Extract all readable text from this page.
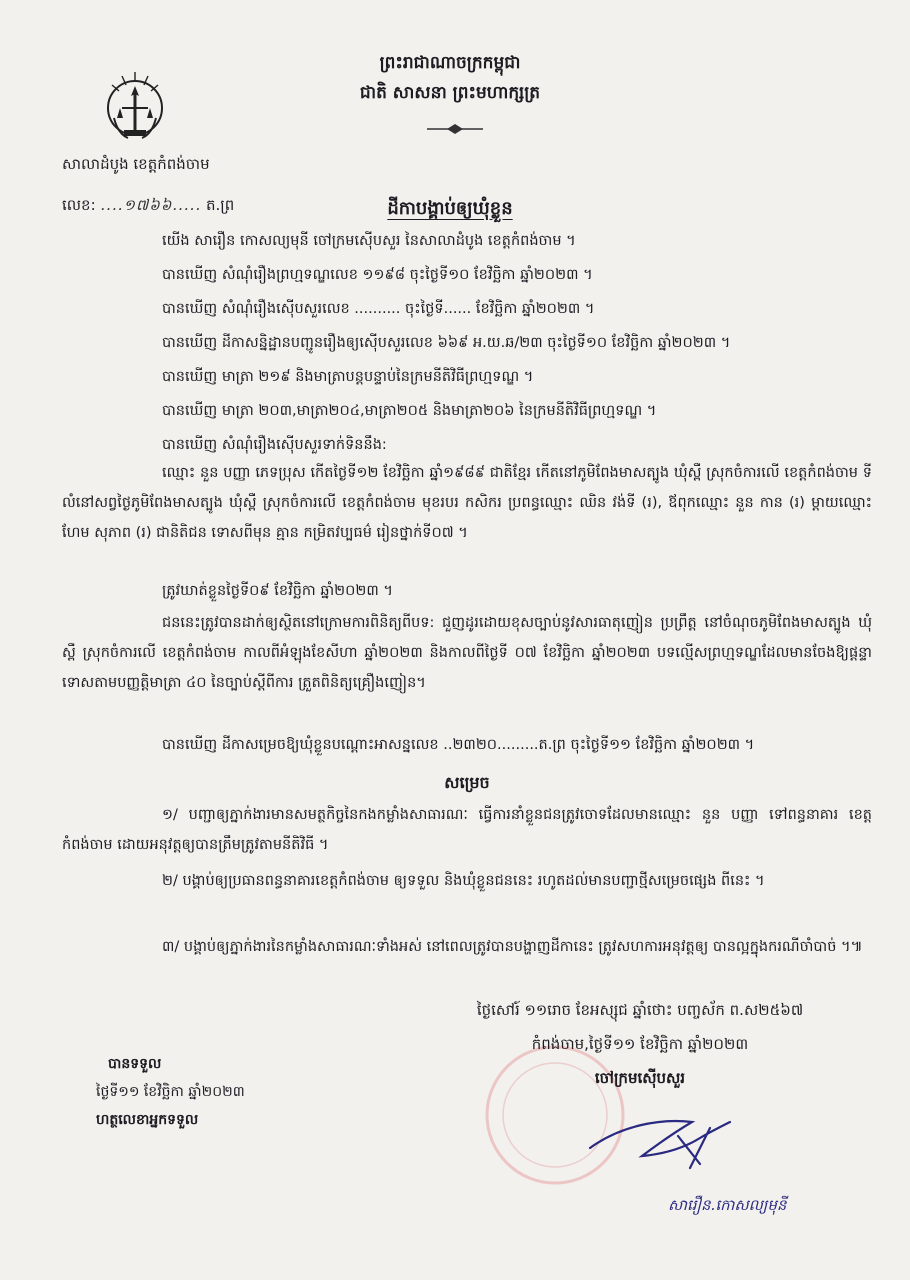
ព្រះរាជាណាចក្រកម្ពុជា
ជាតិ សាសនា ព្រះមហាក្សត្រ
សាលាដំបូង ខេត្តកំពង់ចាម
លេខ: ....១៧៦៦..... ត.ព្រ	ដីកាបង្គាប់ឲ្យឃុំខ្លួន
យើង សារឿន កោសល្យមុនី ចៅក្រមស៊ើបសួរ នៃសាលាដំបូង ខេត្តកំពង់ចាម ។
បានឃើញ សំណុំរឿងព្រហ្មទណ្ឌលេខ ១១៩៨ ចុះថ្ងៃទី១០ ខែវិច្ឆិកា ឆ្នាំ២០២៣ ។
បានឃើញ សំណុំរឿងស៊ើបសួរលេខ .......... ចុះថ្ងៃទី...... ខែវិច្ឆិកា ឆ្នាំ២០២៣ ។
បានឃើញ ដីកាសន្និដ្ឋានបញ្ជូនរឿងឲ្យស៊ើបសួរលេខ ៦៦៩ អ.យ.ឆ/២៣ ចុះថ្ងៃទី១០ ខែវិច្ឆិកា ឆ្នាំ២០២៣ ។
បានឃើញ មាត្រា ២១៩ និងមាត្រាបន្តបន្ទាប់នៃក្រមនីតិវិធីព្រហ្មទណ្ឌ ។
បានឃើញ មាត្រា ២០៣,មាត្រា២០៤,មាត្រា២០៥ និងមាត្រា២០៦ នៃក្រមនីតិវិធីព្រហ្មទណ្ឌ ។
បានឃើញ សំណុំរឿងស៊ើបសួរទាក់ទិននឹង:
ឈ្មោះ នួន បញ្ញា ភេទប្រុស កើតថ្ងៃទី១២ ខែវិច្ឆិកា ឆ្នាំ១៩៨៩ ជាតិខ្មែរ កើតនៅភូមិពែងមាសត្បូង ឃុំស្ពឺ ស្រុកចំការលើ ខេត្តកំពង់ចាម ទីលំនៅសព្វថ្ងៃភូមិពែងមាសត្បូង ឃុំស្ពឺ ស្រុកចំការលើ ខេត្តកំពង់ចាម មុខរបរ កសិករ ប្រពន្ធឈ្មោះ ឈិន វង់ទី (រ), ឪពុកឈ្មោះ នួន កាន (រ) ម្តាយឈ្មោះ ហែម សុភាព (រ) ជានិតិជន ទោសពីមុន គ្មាន កម្រិតវប្បធម៌ រៀនថ្នាក់ទី០៧ ។
ត្រូវឃាត់ខ្លួនថ្ងៃទី០៩ ខែវិច្ឆិកា ឆ្នាំ២០២៣ ។
ជននេះត្រូវបានដាក់ឲ្យស្ថិតនៅក្រោមការពិនិត្យពីបទ: ជួញដូរដោយខុសច្បាប់នូវសារធាតុញៀន ប្រព្រឹត្ត នៅចំណុចភូមិពែងមាសត្បូង ឃុំស្ពឺ ស្រុកចំការលើ ខេត្តកំពង់ចាម កាលពីអំឡុងខែសីហា ឆ្នាំ២០២៣ និងកាលពីថ្ងៃទី ០៧ ខែវិច្ឆិកា ឆ្នាំ២០២៣ បទល្មើសព្រហ្មទណ្ឌដែលមានចែងឱ្យផ្តន្ទាទោសតាមបញ្ញត្តិមាត្រា ៤០ នៃច្បាប់ស្តីពីការ ត្រួតពិនិត្យគ្រឿងញៀន។
បានឃើញ ដីកាសម្រេចឱ្យឃុំខ្លួនបណ្តោះអាសន្នលេខ ..២៣២០.........ត.ព្រ ចុះថ្ងៃទី១១ ខែវិច្ឆិកា ឆ្នាំ២០២៣ ។
សម្រេច
១/ បញ្ជាឲ្យភ្នាក់ងារមានសមត្ថកិច្ចនៃកងកម្លាំងសាធារណៈ ធ្វើការនាំខ្លួនជនត្រូវចោទដែលមានឈ្មោះ នួន បញ្ញា ទៅពន្ធនាគារ ខេត្តកំពង់ចាម ដោយអនុវត្តឲ្យបានត្រឹមត្រូវតាមនីតិវិធី ។
២/ បង្គាប់ឲ្យប្រធានពន្ធនាគារខេត្តកំពង់ចាម ឲ្យទទួល និងឃុំខ្លួនជននេះ រហូតដល់មានបញ្ជាថ្មីសម្រេចផ្សេង ពីនេះ ។
៣/ បង្គាប់ឲ្យភ្នាក់ងារនៃកម្លាំងសាធារណៈទាំងអស់ នៅពេលត្រូវបានបង្ហាញដីកានេះ ត្រូវសហការអនុវត្តឲ្យ បានល្អក្នុងករណីចាំបាច់ ។៕
ថ្ងៃសៅរ៍ ១១រោច ខែអស្សុជ ឆ្នាំថោះ បញ្ចស័ក ព.ស២៥៦៧
កំពង់ចាម,ថ្ងៃទី១១ ខែវិច្ឆិកា ឆ្នាំ២០២៣
ចៅក្រមស៊ើបសួរ
សារឿន.កោសល្យមុនី
បានទទួល
ថ្ងៃទី១១ ខែវិច្ឆិកា ឆ្នាំ២០២៣
ហត្ថលេខាអ្នកទទួល
